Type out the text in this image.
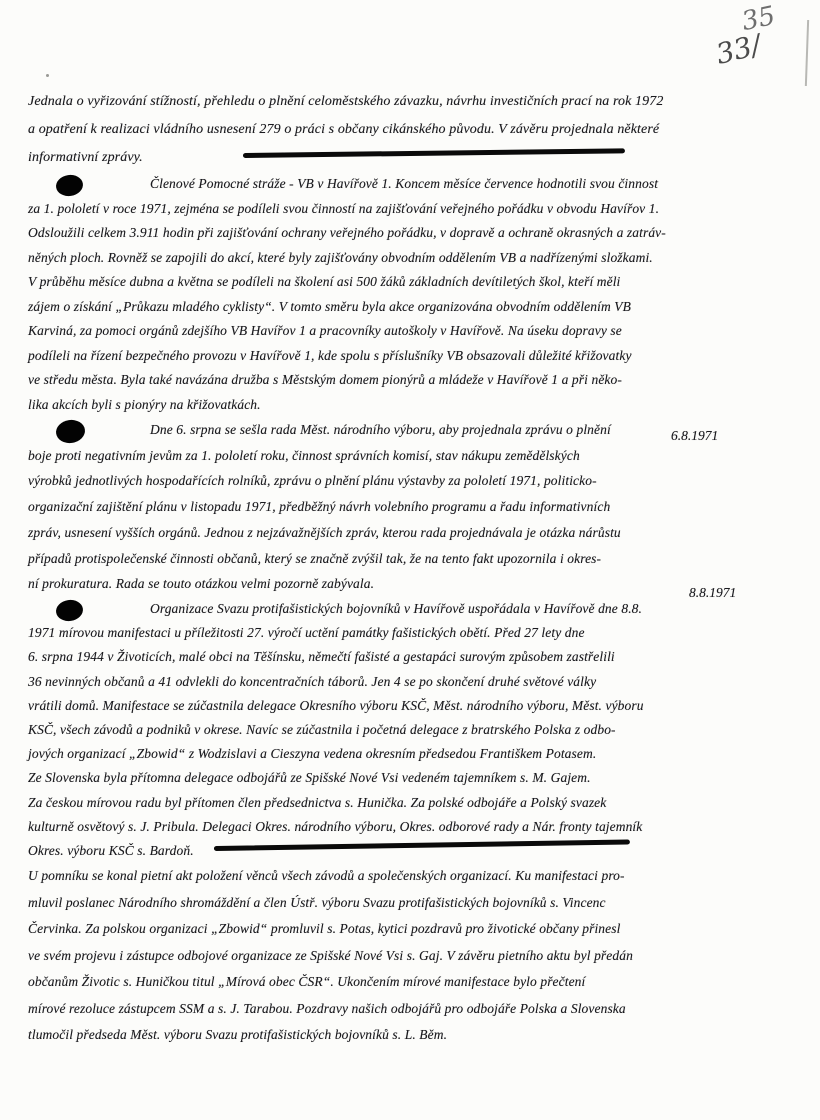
35
33/
Jednala o vyřizování stížností, přehledu o plnění celoměstského závazku, návrhu investičních prací na rok 1972
a opatření k realizaci vládního usnesení 279 o práci s občany cikánského původu. V závěru projednala některé
informativní zprávy.
Členové Pomocné stráže - VB v Havířově 1. Koncem měsíce července hodnotili svou činnost
za 1. pololetí v roce 1971, zejména se podíleli svou činností na zajišťování veřejného pořádku v obvodu Havířov 1.
Odsloužili celkem 3.911 hodin při zajišťování ochrany veřejného pořádku, v dopravě a ochraně okrasných a zatráv-
něných ploch. Rovněž se zapojili do akcí, které byly zajišťovány obvodním oddělením VB a nadřízenými složkami.
V průběhu měsíce dubna a května se podíleli na školení asi 500 žáků základních devítiletých škol, kteří měli
zájem o získání „Průkazu mladého cyklisty“. V tomto směru byla akce organizována obvodním oddělením VB
Karviná, za pomoci orgánů zdejšího VB Havířov 1 a pracovníky autoškoly v Havířově. Na úseku dopravy se
podíleli na řízení bezpečného provozu v Havířově 1, kde spolu s příslušníky VB obsazovali důležité křižovatky
ve středu města. Byla také navázána družba s Městským domem pionýrů a mládeže v Havířově 1 a při něko-
lika akcích byli s pionýry na křižovatkách.
Dne 6. srpna se sešla rada Měst. národního výboru, aby projednala zprávu o plnění
boje proti negativním jevům za 1. pololetí roku, činnost správních komisí, stav nákupu zemědělských
výrobků jednotlivých hospodařících rolníků, zprávu o plnění plánu výstavby za pololetí 1971, politicko-
organizační zajištění plánu v listopadu 1971, předběžný návrh volebního programu a řadu informativních
zpráv, usnesení vyšších orgánů. Jednou z nejzávažnějších zpráv, kterou rada projednávala je otázka nárůstu
případů protispolečenské činnosti občanů, který se značně zvýšil tak, že na tento fakt upozornila i okres-
ní prokuratura. Rada se touto otázkou velmi pozorně zabývala.
Organizace Svazu protifašistických bojovníků v Havířově uspořádala v Havířově dne 8.8.
1971 mírovou manifestaci u příležitosti 27. výročí uctění památky fašistických obětí. Před 27 lety dne
6. srpna 1944 v Životicích, malé obci na Těšínsku, němečtí fašisté a gestapáci surovým způsobem zastřelili
36 nevinných občanů a 41 odvlekli do koncentračních táborů. Jen 4 se po skončení druhé světové války
vrátili domů. Manifestace se zúčastnila delegace Okresního výboru KSČ, Měst. národního výboru, Měst. výboru
KSČ, všech závodů a podniků v okrese. Navíc se zúčastnila i početná delegace z bratrského Polska z odbo-
jových organizací „Zbowid“ z Wodzislavi a Cieszyna vedena okresním předsedou Františkem Potasem.
Ze Slovenska byla přítomna delegace odbojářů ze Spišské Nové Vsi vedeném tajemníkem s. M. Gajem.
Za českou mírovou radu byl přítomen člen předsednictva s. Hunička. Za polské odbojáře a Polský svazek
kulturně osvětový s. J. Pribula. Delegaci Okres. národního výboru, Okres. odborové rady a Nár. fronty tajemník
Okres. výboru KSČ s. Bardoň.
U pomníku se konal pietní akt položení věnců všech závodů a společenských organizací. Ku manifestaci pro-
mluvil poslanec Národního shromáždění a člen Ústř. výboru Svazu protifašistických bojovníků s. Vincenc
Červinka. Za polskou organizaci „Zbowid“ promluvil s. Potas, kytici pozdravů pro životické občany přinesl
ve svém projevu i zástupce odbojové organizace ze Spišské Nové Vsi s. Gaj. V závěru pietního aktu byl předán
občanům Životic s. Huničkou titul „Mírová obec ČSR“. Ukončením mírové manifestace bylo přečtení
mírové rezoluce zástupcem SSM a s. J. Tarabou. Pozdravy našich odbojářů pro odbojáře Polska a Slovenska
tlumočil předseda Měst. výboru Svazu protifašistických bojovníků s. L. Běm.
6.8.1971
8.8.1971
